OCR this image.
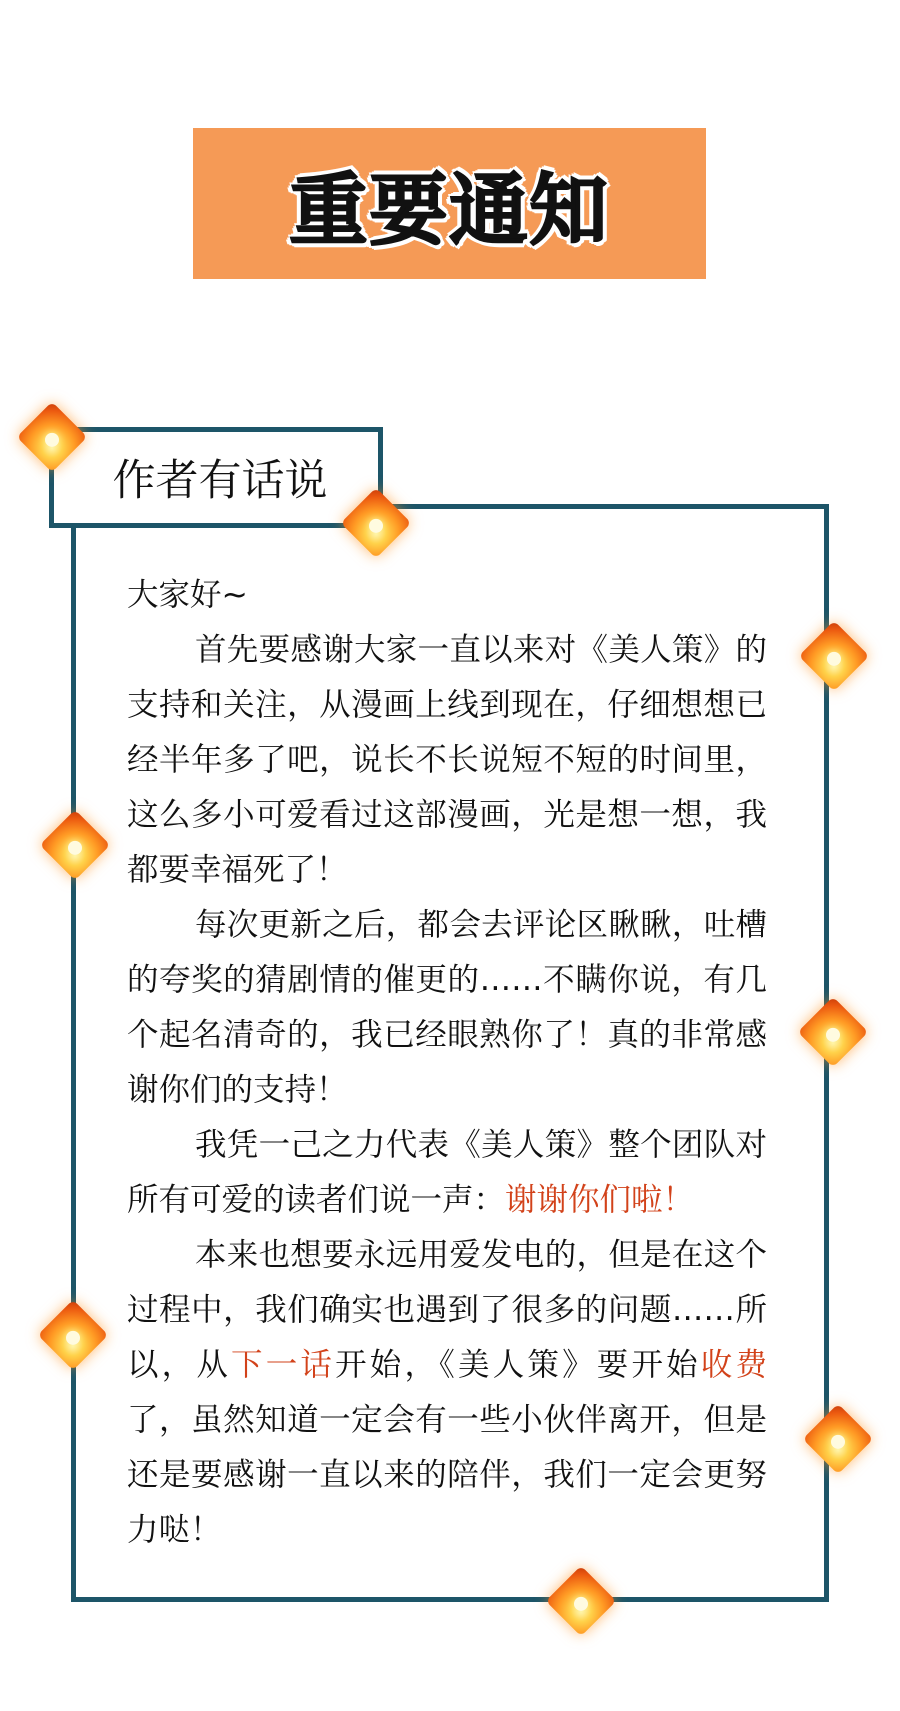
重要通知
作者有话说

大家好~

首先要感谢大家一直以来对《美人策》的支持和关注，从漫画上线到现在，仔细想想已经半年多了吧，说长不长说短不短的时间里，这么多小可爱看过这部漫画，光是想一想，我都要幸福死了！

每次更新之后，都会去评论区瞅瞅，吐槽的夸奖的猜剧情的催更的……不瞒你说，有几个起名清奇的，我已经眼熟你了！真的非常感谢你们的支持！

我凭一己之力代表《美人策》整个团队对所有可爱的读者们说一声：谢谢你们啦！

本来也想要永远用爱发电的，但是在这个过程中，我们确实也遇到了很多的问题……所以，从下一话开始，《美人策》要开始收费了，虽然知道一定会有一些小伙伴离开，但是还是要感谢一直以来的陪伴，我们一定会更努力哒！
